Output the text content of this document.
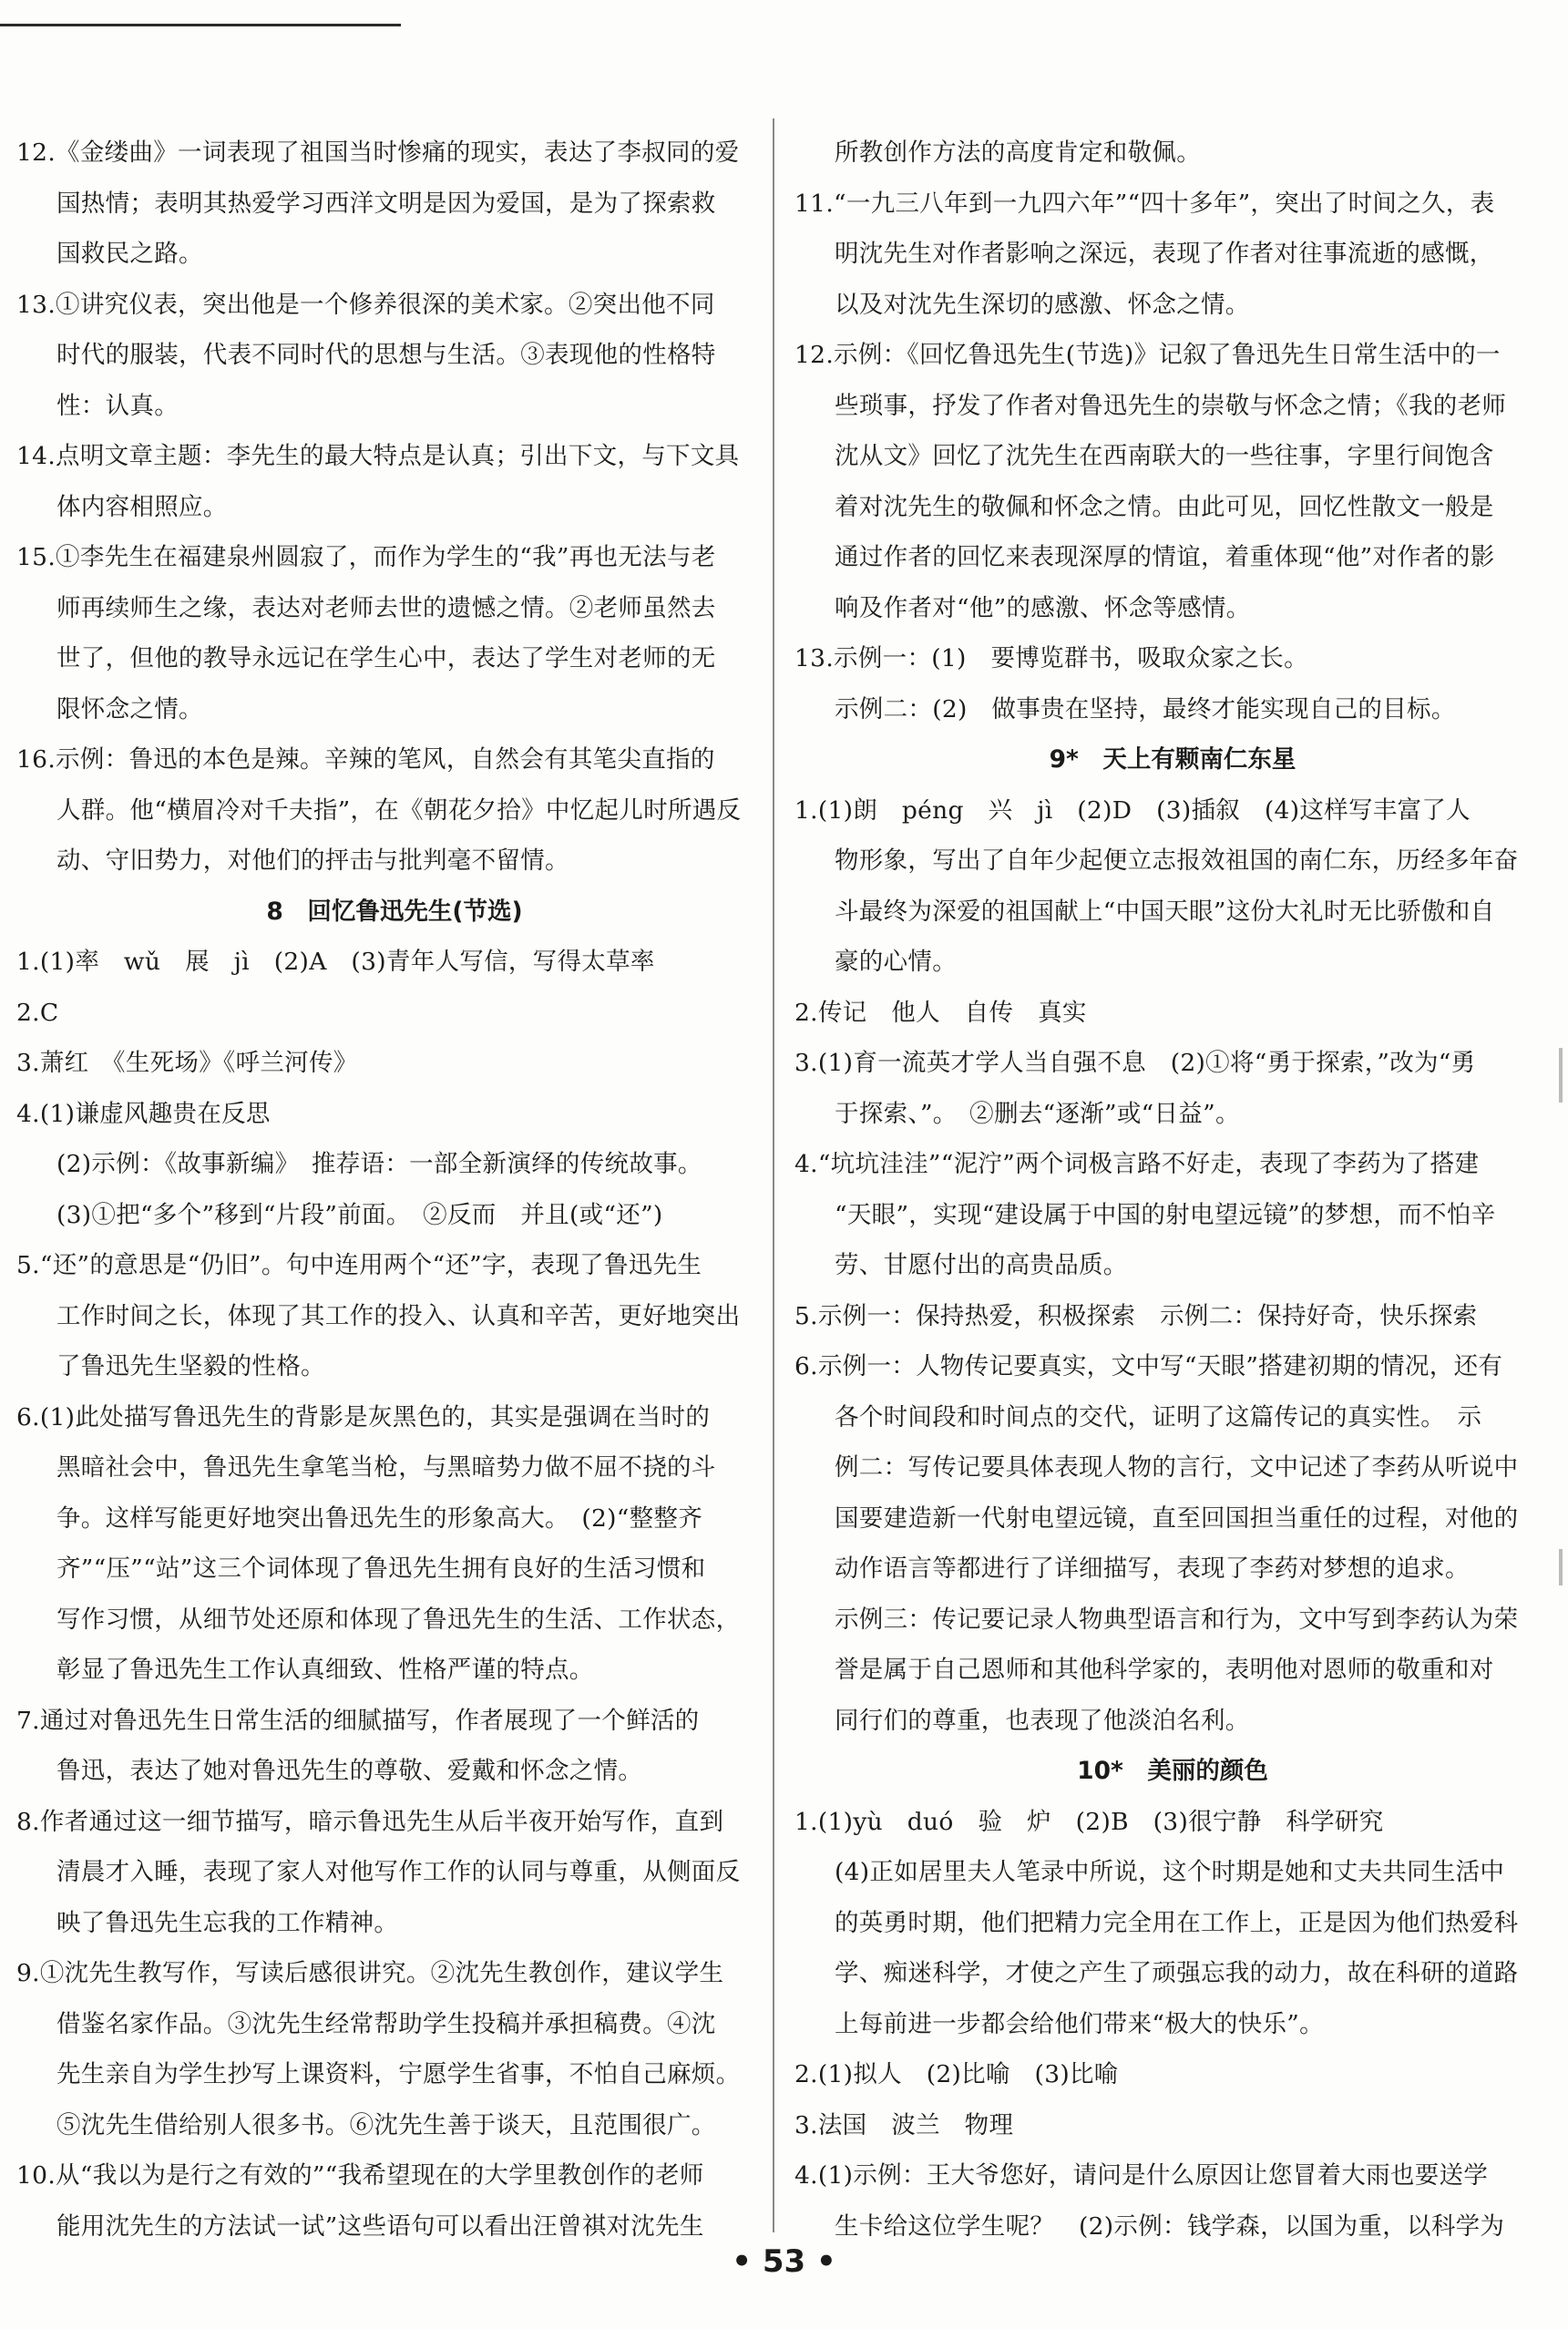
12.《金缕曲》一词表现了祖国当时惨痛的现实，表达了李叔同的爱
国热情；表明其热爱学习西洋文明是因为爱国，是为了探索救
国救民之路。
13.①讲究仪表，突出他是一个修养很深的美术家。②突出他不同
时代的服装，代表不同时代的思想与生活。③表现他的性格特
性：认真。
14.点明文章主题：李先生的最大特点是认真；引出下文，与下文具
体内容相照应。
15.①李先生在福建泉州圆寂了，而作为学生的“我”再也无法与老
师再续师生之缘，表达对老师去世的遗憾之情。②老师虽然去
世了，但他的教导永远记在学生心中，表达了学生对老师的无
限怀念之情。
16.示例：鲁迅的本色是辣。辛辣的笔风，自然会有其笔尖直指的
人群。他“横眉冷对千夫指”，在《朝花夕拾》中忆起儿时所遇反
动、守旧势力，对他们的抨击与批判毫不留情。
8　回忆鲁迅先生(节选)
1.(1)率　wǔ　展　jì　(2)A　(3)青年人写信，写得太草率
2.C
3.萧红　《生死场》《呼兰河传》
4.(1)谦虚风趣贵在反思
(2)示例：《故事新编》　推荐语：一部全新演绎的传统故事。
(3)①把“多个”移到“片段”前面。　②反而　并且(或“还”)
5.“还”的意思是“仍旧”。句中连用两个“还”字，表现了鲁迅先生
工作时间之长，体现了其工作的投入、认真和辛苦，更好地突出
了鲁迅先生坚毅的性格。
6.(1)此处描写鲁迅先生的背影是灰黑色的，其实是强调在当时的
黑暗社会中，鲁迅先生拿笔当枪，与黑暗势力做不屈不挠的斗
争。这样写能更好地突出鲁迅先生的形象高大。　(2)“整整齐
齐”“压”“站”这三个词体现了鲁迅先生拥有良好的生活习惯和
写作习惯，从细节处还原和体现了鲁迅先生的生活、工作状态，
彰显了鲁迅先生工作认真细致、性格严谨的特点。
7.通过对鲁迅先生日常生活的细腻描写，作者展现了一个鲜活的
鲁迅，表达了她对鲁迅先生的尊敬、爱戴和怀念之情。
8.作者通过这一细节描写，暗示鲁迅先生从后半夜开始写作，直到
清晨才入睡，表现了家人对他写作工作的认同与尊重，从侧面反
映了鲁迅先生忘我的工作精神。
9.①沈先生教写作，写读后感很讲究。②沈先生教创作，建议学生
借鉴名家作品。③沈先生经常帮助学生投稿并承担稿费。④沈
先生亲自为学生抄写上课资料，宁愿学生省事，不怕自己麻烦。
⑤沈先生借给别人很多书。⑥沈先生善于谈天，且范围很广。
10.从“我以为是行之有效的”“我希望现在的大学里教创作的老师
能用沈先生的方法试一试”这些语句可以看出汪曾祺对沈先生
所教创作方法的高度肯定和敬佩。
11.“一九三八年到一九四六年”“四十多年”，突出了时间之久，表
明沈先生对作者影响之深远，表现了作者对往事流逝的感慨，
以及对沈先生深切的感激、怀念之情。
12.示例：《回忆鲁迅先生(节选)》记叙了鲁迅先生日常生活中的一
些琐事，抒发了作者对鲁迅先生的崇敬与怀念之情；《我的老师
沈从文》回忆了沈先生在西南联大的一些往事，字里行间饱含
着对沈先生的敬佩和怀念之情。由此可见，回忆性散文一般是
通过作者的回忆来表现深厚的情谊，着重体现“他”对作者的影
响及作者对“他”的感激、怀念等感情。
13.示例一：(1)　要博览群书，吸取众家之长。
示例二：(2)　做事贵在坚持，最终才能实现自己的目标。
9*　天上有颗南仁东星
1.(1)朗　péng　兴　jì　(2)D　(3)插叙　(4)这样写丰富了人
物形象，写出了自年少起便立志报效祖国的南仁东，历经多年奋
斗最终为深爱的祖国献上“中国天眼”这份大礼时无比骄傲和自
豪的心情。
2.传记　他人　自传　真实
3.(1)育一流英才学人当自强不息　(2)①将“勇于探索，”改为“勇
于探索、”。　②删去“逐渐”或“日益”。
4.“坑坑洼洼”“泥泞”两个词极言路不好走，表现了李药为了搭建
“天眼”，实现“建设属于中国的射电望远镜”的梦想，而不怕辛
劳、甘愿付出的高贵品质。
5.示例一：保持热爱，积极探索　示例二：保持好奇，快乐探索
6.示例一：人物传记要真实，文中写“天眼”搭建初期的情况，还有
各个时间段和时间点的交代，证明了这篇传记的真实性。　示
例二：写传记要具体表现人物的言行，文中记述了李药从听说中
国要建造新一代射电望远镜，直至回国担当重任的过程，对他的
动作语言等都进行了详细描写，表现了李药对梦想的追求。
示例三：传记要记录人物典型语言和行为，文中写到李药认为荣
誉是属于自己恩师和其他科学家的，表明他对恩师的敬重和对
同行们的尊重，也表现了他淡泊名利。
10*　美丽的颜色
1.(1)yù　duó　验　炉　(2)B　(3)很宁静　科学研究
(4)正如居里夫人笔录中所说，这个时期是她和丈夫共同生活中
的英勇时期，他们把精力完全用在工作上，正是因为他们热爱科
学、痴迷科学，才使之产生了顽强忘我的动力，故在科研的道路
上每前进一步都会给他们带来“极大的快乐”。
2.(1)拟人　(2)比喻　(3)比喻
3.法国　波兰　物理
4.(1)示例：王大爷您好，请问是什么原因让您冒着大雨也要送学
生卡给这位学生呢？　(2)示例：钱学森，以国为重，以科学为
• 53 •
